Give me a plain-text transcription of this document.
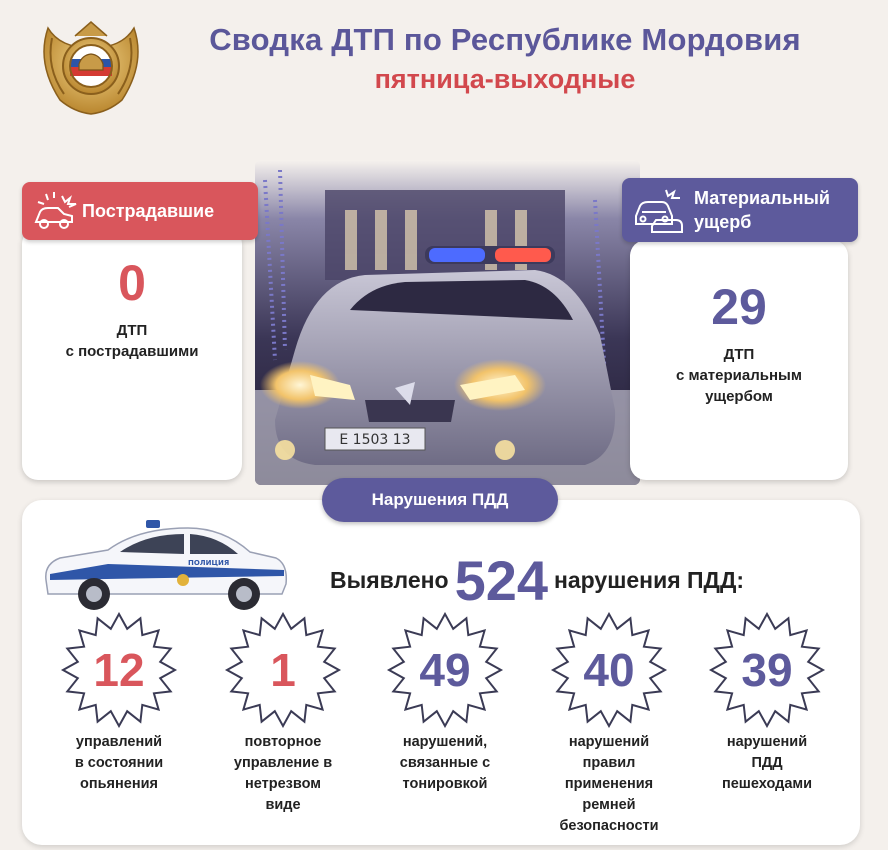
Сводка ДТП по Республике Мордовия
пятница-выходные
Е 1503 13
0
ДТП
с пострадавшими
Пострадавшие
29
ДТП
с материальным
ущербом
Материальный
ущерб
Нарушения ПДД
ПОЛИЦИЯ
Выявлено 524 нарушения ПДД:
12
управлений
в состоянии
опьянения
1
повторное
управление в
нетрезвом
виде
49
нарушений,
связанные с
тонировкой
40
нарушений
правил
применения
ремней
безопасности
39
нарушений
ПДД
пешеходами
